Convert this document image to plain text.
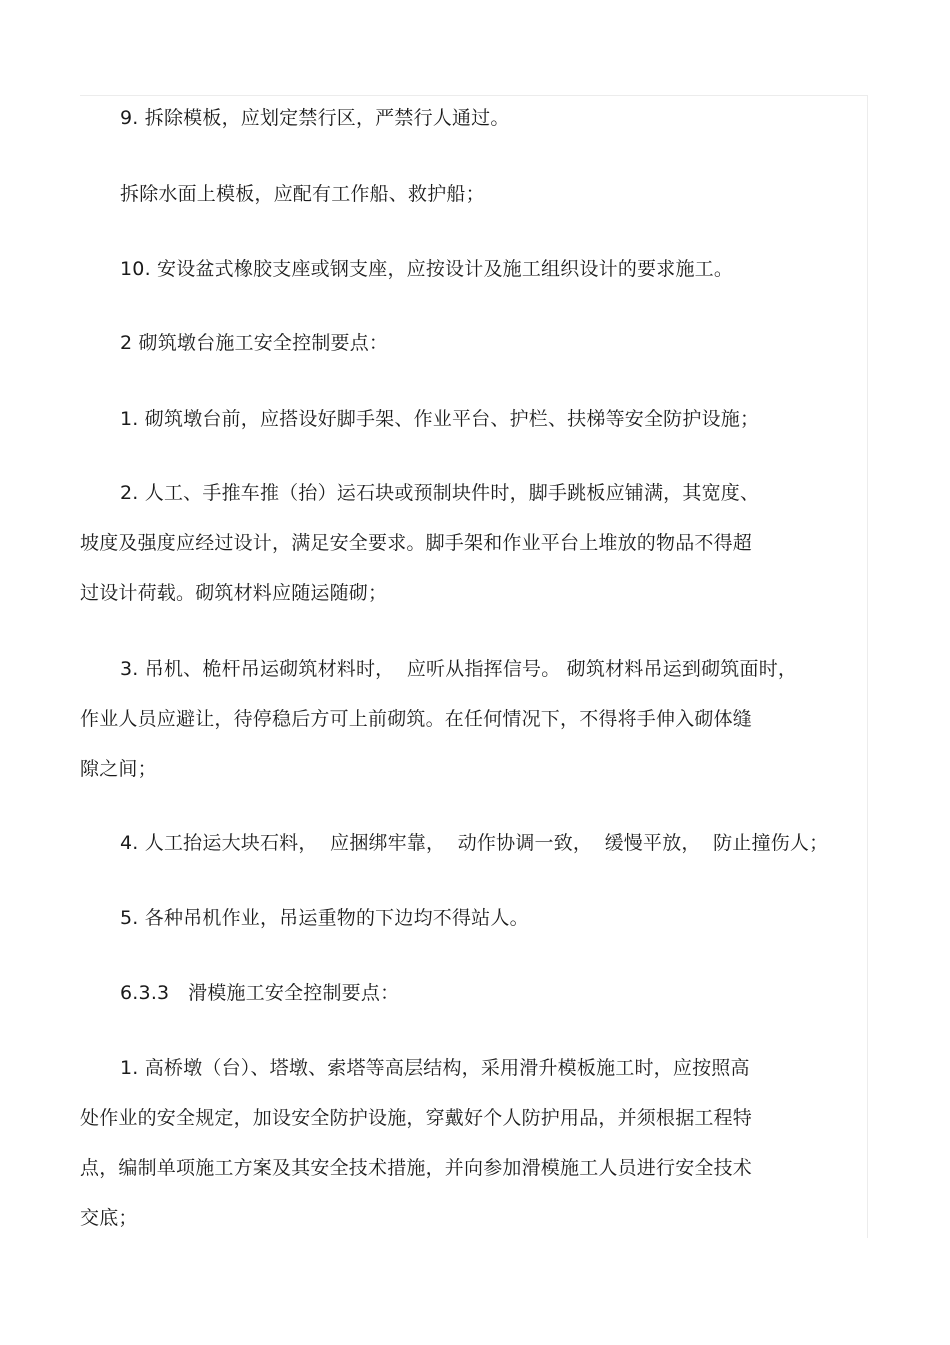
9. 拆除模板，应划定禁行区，严禁行人通过。
拆除水面上模板，应配有工作船、救护船；
10. 安设盆式橡胶支座或钢支座，应按设计及施工组织设计的要求施工。
2 砌筑墩台施工安全控制要点：
1. 砌筑墩台前，应搭设好脚手架、作业平台、护栏、扶梯等安全防护设施；
2. 人工、手推车推（抬）运石块或预制块件时，脚手跳板应铺满，其宽度、
坡度及强度应经过设计，满足安全要求。脚手架和作业平台上堆放的物品不得超
过设计荷载。砌筑材料应随运随砌；
3. 吊机、桅杆吊运砌筑材料时，  应听从指挥信号。 砌筑材料吊运到砌筑面时，
作业人员应避让，待停稳后方可上前砌筑。在任何情况下，不得将手伸入砌体缝
隙之间；
4. 人工抬运大块石料，  应捆绑牢靠，  动作协调一致，  缓慢平放，  防止撞伤人；
5. 各种吊机作业，吊运重物的下边均不得站人。
6.3.3   滑模施工安全控制要点：
1. 高桥墩（台）、塔墩、索塔等高层结构，采用滑升模板施工时，应按照高
处作业的安全规定，加设安全防护设施，穿戴好个人防护用品，并须根据工程特
点，编制单项施工方案及其安全技术措施，并向参加滑模施工人员进行安全技术
交底；
